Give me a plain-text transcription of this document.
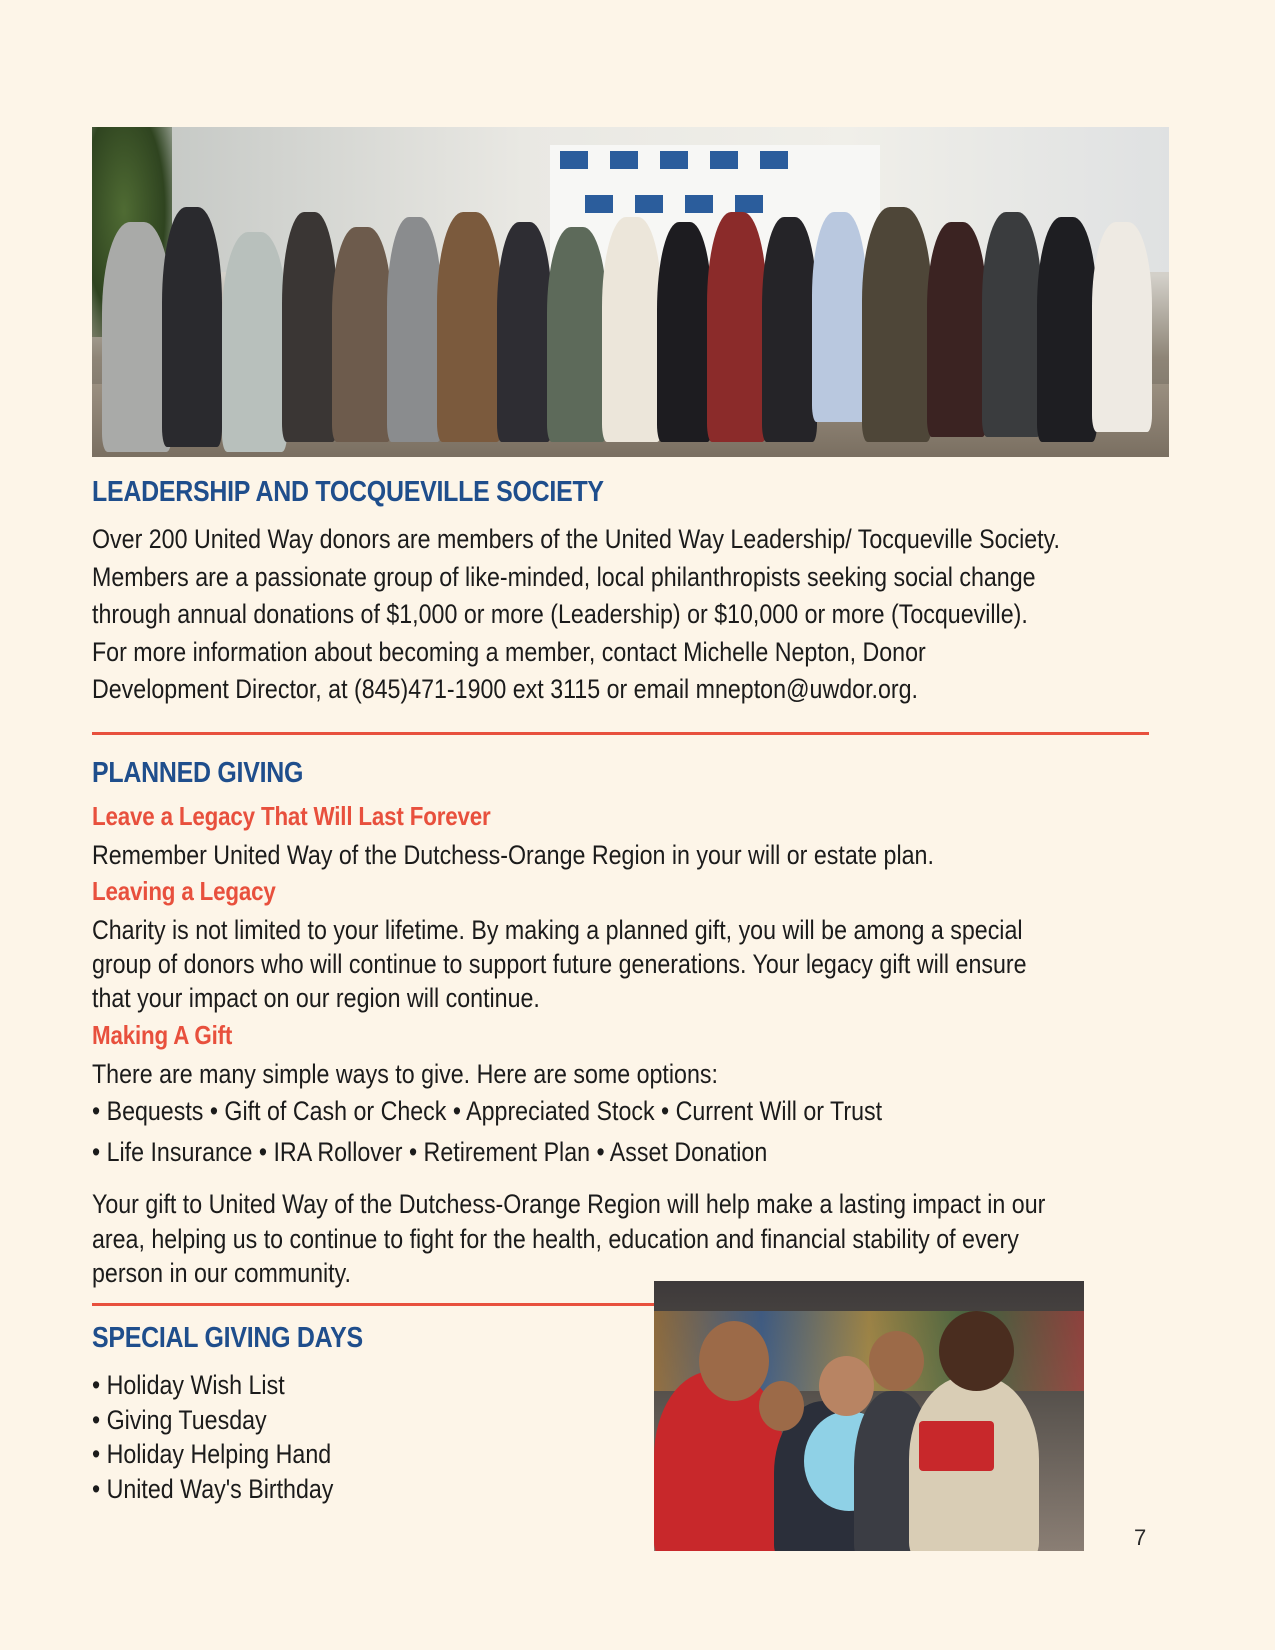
LEADERSHIP AND TOCQUEVILLE SOCIETY
Over 200 United Way donors are members of the United Way Leadership/ Tocqueville Society.
Members are a passionate group of like-minded, local philanthropists seeking social change
through annual donations of $1,000 or more (Leadership) or $10,000 or more (Tocqueville).
For more information about becoming a member, contact Michelle Nepton, Donor
Development Director, at (845)471-1900 ext 3115 or email mnepton@uwdor.org.
PLANNED GIVING
Leave a Legacy That Will Last Forever
Remember United Way of the Dutchess-Orange Region in your will or estate plan.
Leaving a Legacy
Charity is not limited to your lifetime. By making a planned gift, you will be among a special
group of donors who will continue to support future generations. Your legacy gift will ensure
that your impact on our region will continue.
Making A Gift
There are many simple ways to give. Here are some options:
• Bequests • Gift of Cash or Check • Appreciated Stock • Current Will or Trust
• Life Insurance • IRA Rollover • Retirement Plan • Asset Donation
Your gift to United Way of the Dutchess-Orange Region will help make a lasting impact in our
area, helping us to continue to fight for the health, education and financial stability of every
person in our community.
SPECIAL GIVING DAYS
• Holiday Wish List
• Giving Tuesday
• Holiday Helping Hand
• United Way's Birthday
7
